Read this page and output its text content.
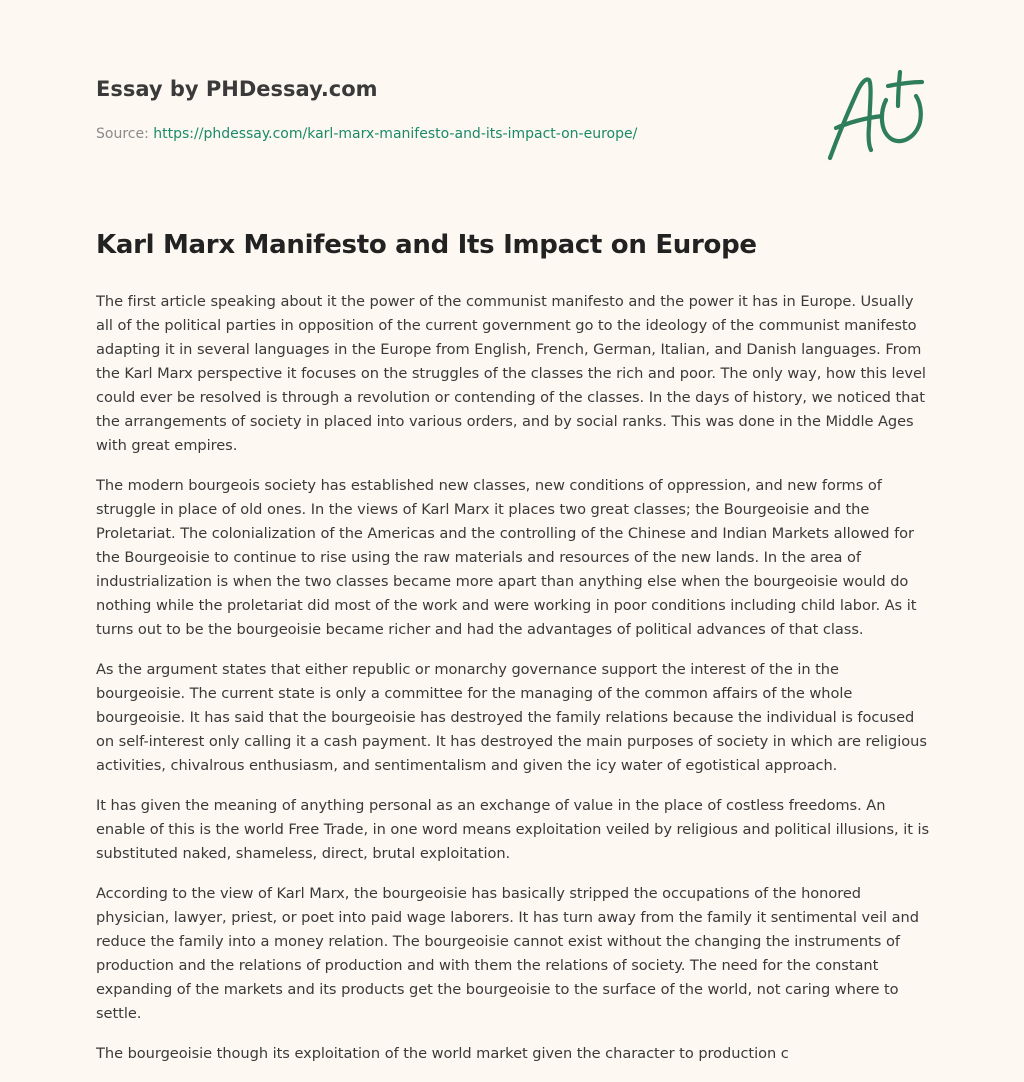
Essay by PHDessay.com
Source: https://phdessay.com/karl-marx-manifesto-and-its-impact-on-europe/
Karl Marx Manifesto and Its Impact on Europe

The first article speaking about it the power of the communist manifesto and the power it has in Europe. Usually all of the political parties in opposition of the current government go to the ideology of the communist manifesto adapting it in several languages in the Europe from English, French, German, Italian, and Danish languages. From the Karl Marx perspective it focuses on the struggles of the classes the rich and poor. The only way, how this level could ever be resolved is through a revolution or contending of the classes. In the days of history, we noticed that the arrangements of society in placed into various orders, and by social ranks. This was done in the Middle Ages with great empires.

The modern bourgeois society has established new classes, new conditions of oppression, and new forms of struggle in place of old ones. In the views of Karl Marx it places two great classes; the Bourgeoisie and the Proletariat. The colonialization of the Americas and the controlling of the Chinese and Indian Markets allowed for the Bourgeoisie to continue to rise using the raw materials and resources of the new lands. In the area of industrialization is when the two classes became more apart than anything else when the bourgeoisie would do nothing while the proletariat did most of the work and were working in poor conditions including child labor. As it turns out to be the bourgeoisie became richer and had the advantages of political advances of that class.

As the argument states that either republic or monarchy governance support the interest of the in the bourgeoisie. The current state is only a committee for the managing of the common affairs of the whole bourgeoisie. It has said that the bourgeoisie has destroyed the family relations because the individual is focused on self-interest only calling it a cash payment. It has destroyed the main purposes of society in which are religious activities, chivalrous enthusiasm, and sentimentalism and given the icy water of egotistical approach.

It has given the meaning of anything personal as an exchange of value in the place of costless freedoms. An enable of this is the world Free Trade, in one word means exploitation veiled by religious and political illusions, it is substituted naked, shameless, direct, brutal exploitation.

According to the view of Karl Marx, the bourgeoisie has basically stripped the occupations of the honored physician, lawyer, priest, or poet into paid wage laborers. It has turn away from the family it sentimental veil and reduce the family into a money relation. The bourgeoisie cannot exist without the changing the instruments of production and the relations of production and with them the relations of society. The need for the constant expanding of the markets and its products get the bourgeoisie to the surface of the world, not caring where to settle.

The bourgeoisie though its exploitation of the world market given the character to production c
